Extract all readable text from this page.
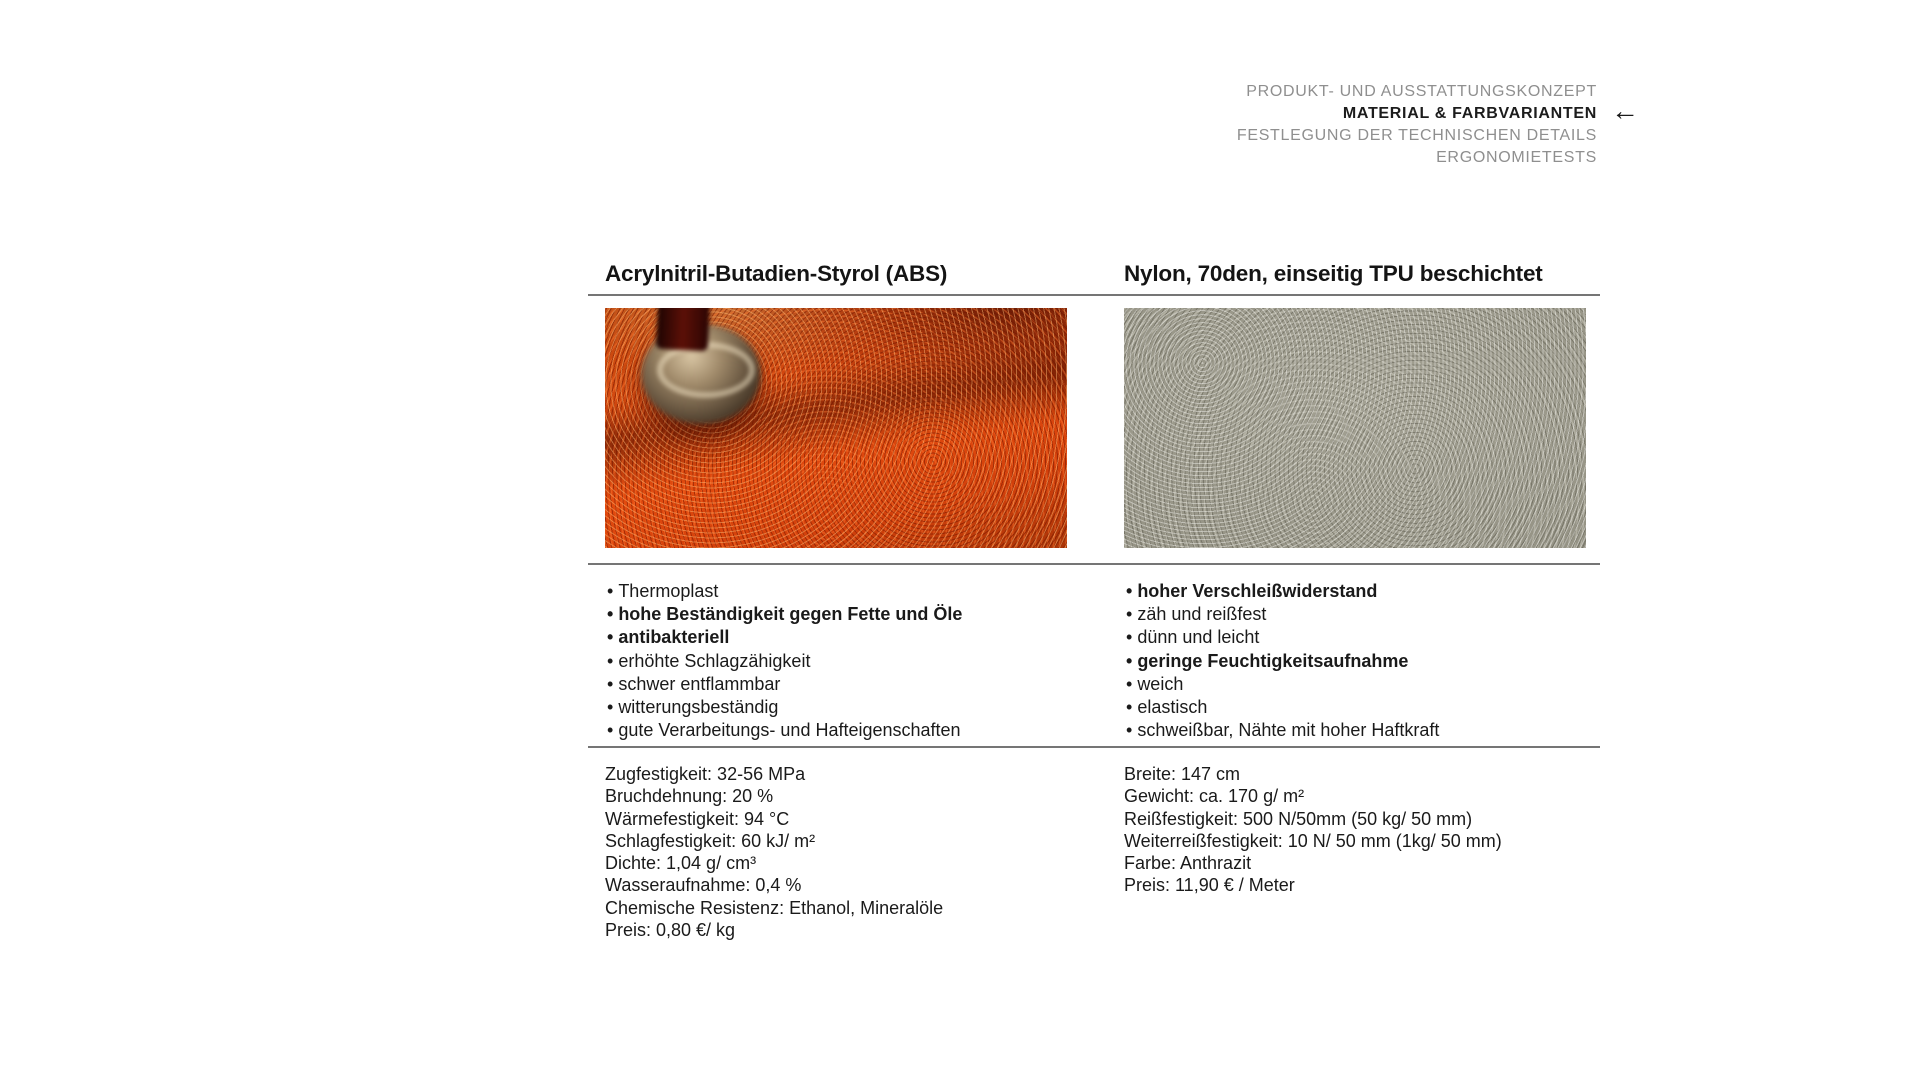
PRODUKT- UND AUSSTATTUNGSKONZEPT
MATERIAL & FARBVARIANTEN
FESTLEGUNG DER TECHNISCHEN DETAILS
ERGONOMIETESTS
←
Acrylnitril-Butadien-Styrol (ABS)
• Thermoplast
• hohe Beständigkeit gegen Fette und Öle
• antibakteriell
• erhöhte Schlagzähigkeit
• schwer entflammbar
• witterungsbeständig
• gute Verarbeitungs- und Hafteigenschaften
Zugfestigkeit: 32-56 MPa
Bruchdehnung: 20 %
Wärmefestigkeit: 94 °C
Schlagfestigkeit: 60 kJ/ m²
Dichte: 1,04 g/ cm³
Wasseraufnahme: 0,4 %
Chemische Resistenz: Ethanol, Mineralöle
Preis: 0,80 €/ kg
Nylon, 70den, einseitig TPU beschichtet
• hoher Verschleißwiderstand
• zäh und reißfest
• dünn und leicht
• geringe Feuchtigkeitsaufnahme
• weich
• elastisch
• schweißbar, Nähte mit hoher Haftkraft
Breite: 147 cm
Gewicht: ca. 170 g/ m²
Reißfestigkeit: 500 N/50mm (50 kg/ 50 mm)
Weiterreißfestigkeit: 10 N/ 50 mm (1kg/ 50 mm)
Farbe: Anthrazit
Preis: 11,90 € / Meter
